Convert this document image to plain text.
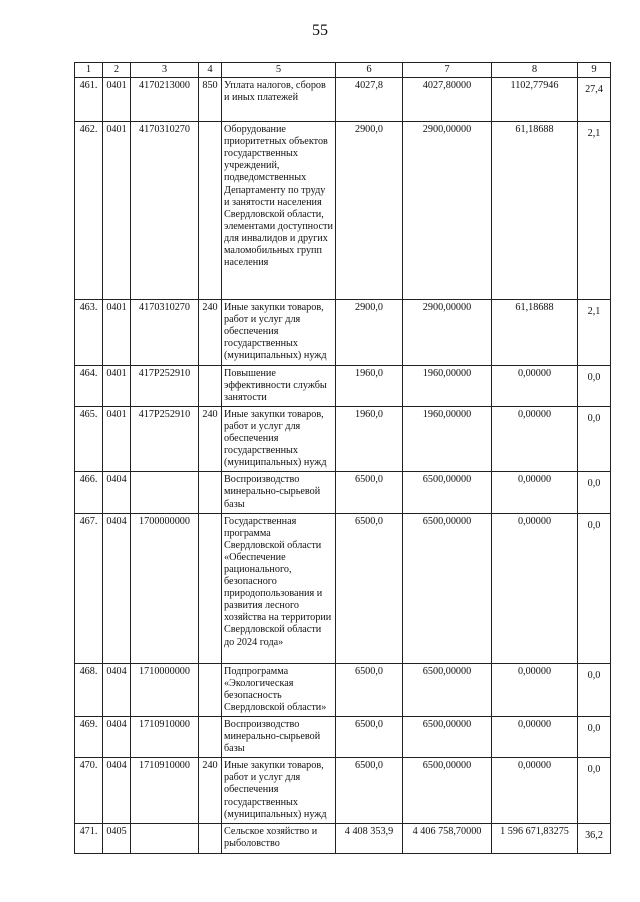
55
1	2	3	4	5	6	7	8	9
461.	0401	4170213000	850	Уплата налогов, сборов и иных платежей	4027,8	4027,80000	1102,77946	27,4
462.	0401	4170310270		Оборудование приоритетных объектов государственных учреждений, подведомственных Департаменту по труду и занятости населения Свердловской области, элементами доступности для инвалидов и других маломобильных групп населения	2900,0	2900,00000	61,18688	2,1
463.	0401	4170310270	240	Иные закупки товаров, работ и услуг для обеспечения государственных (муниципальных) нужд	2900,0	2900,00000	61,18688	2,1
464.	0401	417P252910		Повышение эффективности службы занятости	1960,0	1960,00000	0,00000	0,0
465.	0401	417P252910	240	Иные закупки товаров, работ и услуг для обеспечения государственных (муниципальных) нужд	1960,0	1960,00000	0,00000	0,0
466.	0404			Воспроизводство минерально-сырьевой базы	6500,0	6500,00000	0,00000	0,0
467.	0404	1700000000		Государственная программа Свердловской области «Обеспечение рационального, безопасного природопользования и развития лесного хозяйства на территории Свердловской области до 2024 года»	6500,0	6500,00000	0,00000	0,0
468.	0404	1710000000		Подпрограмма «Экологическая безопасность Свердловской области»	6500,0	6500,00000	0,00000	0,0
469.	0404	1710910000		Воспроизводство минерально-сырьевой базы	6500,0	6500,00000	0,00000	0,0
470.	0404	1710910000	240	Иные закупки товаров, работ и услуг для обеспечения государственных (муниципальных) нужд	6500,0	6500,00000	0,00000	0,0
471.	0405			Сельское хозяйство и рыболовство	4 408 353,9	4 406 758,70000	1 596 671,83275	36,2
